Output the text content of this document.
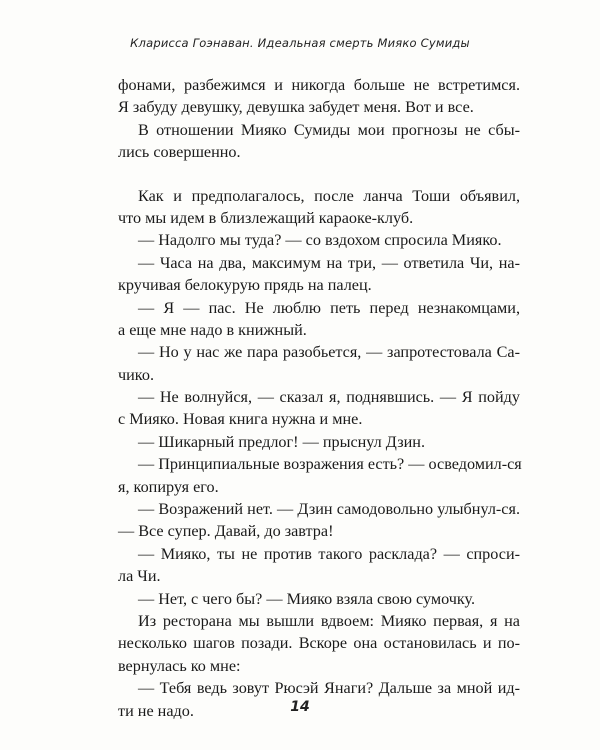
Кларисса Гоэнаван. Идеальная смерть Мияко Сумиды
фонами, разбежимся и никогда больше не встретимся.
Я забуду девушку, девушка забудет меня. Вот и все.
В отношении Мияко Сумиды мои прогнозы не сбы-
лись совершенно.
Как и предполагалось, после ланча Тоши объявил,
что мы идем в близлежащий караоке-клуб.
— Надолго мы туда? — со вздохом спросила Мияко.
— Часа на два, максимум на три, — ответила Чи, на-
кручивая белокурую прядь на палец.
— Я — пас. Не люблю петь перед незнакомцами,
а еще мне надо в книжный.
— Но у нас же пара разобьется, — запротестовала Са-
чико.
— Не волнуйся, — сказал я, поднявшись. — Я пойду
с Мияко. Новая книга нужна и мне.
— Шикарный предлог! — прыснул Дзин.
— Принципиальные возражения есть? — осведомил-ся
я, копируя его.
— Возражений нет. — Дзин самодовольно улыбнул-ся.
— Все супер. Давай, до завтра!
— Мияко, ты не против такого расклада? — спроси-
ла Чи.
— Нет, с чего бы? — Мияко взяла свою сумочку.
Из ресторана мы вышли вдвоем: Мияко первая, я на
несколько шагов позади. Вскоре она остановилась и по-
вернулась ко мне:
— Тебя ведь зовут Рюсэй Янаги? Дальше за мной ид-
ти не надо.	14
